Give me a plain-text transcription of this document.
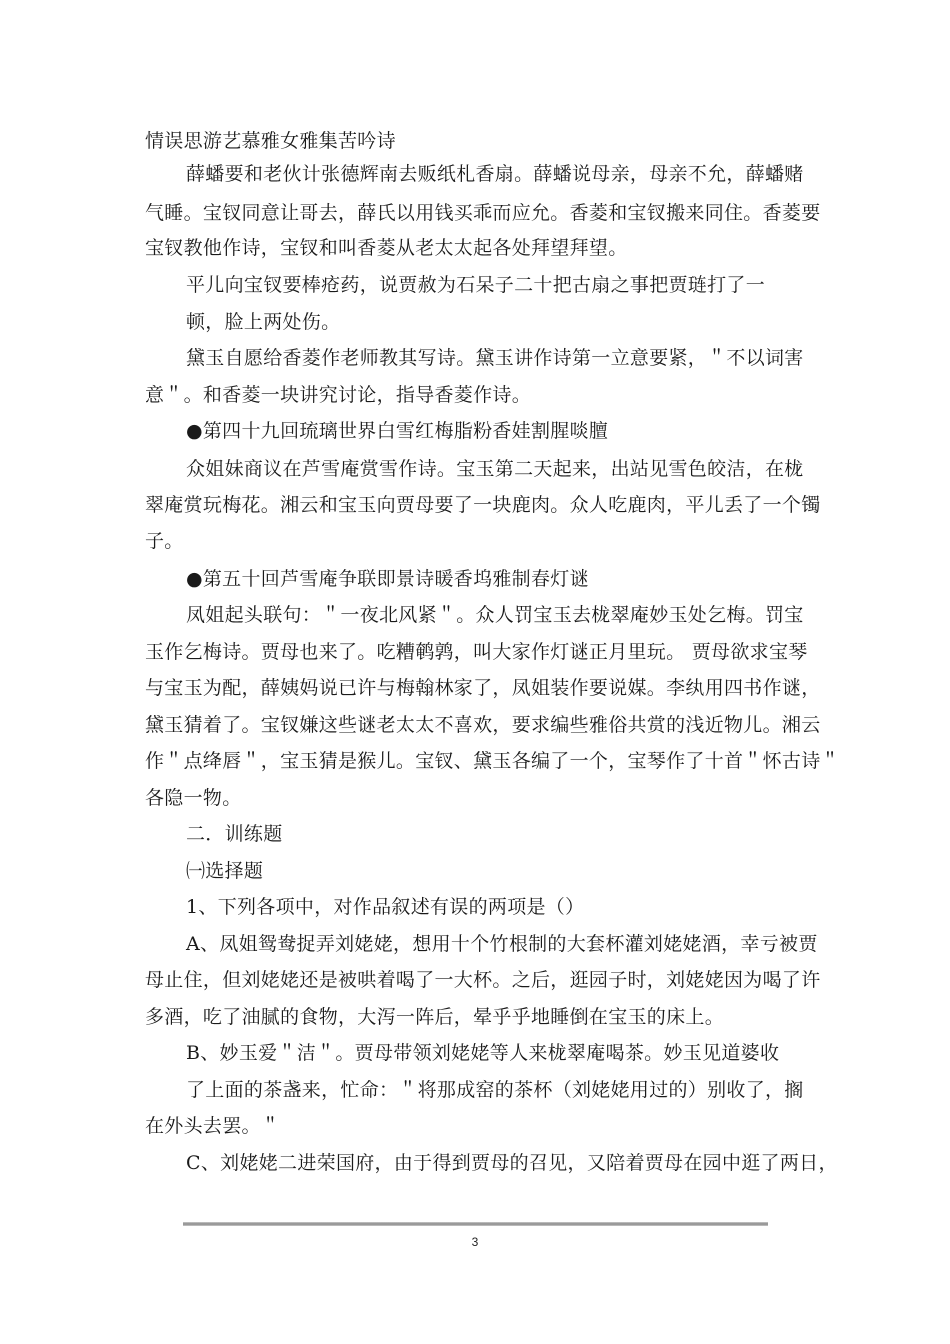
情误思游艺慕雅女雅集苦吟诗
薛蟠要和老伙计张德辉南去贩纸札香扇。薛蟠说母亲，母亲不允，薛蟠赌
气睡。宝钗同意让哥去，薛氏以用钱买乖而应允。香菱和宝钗搬来同住。香菱要
宝钗教他作诗，宝钗和叫香菱从老太太起各处拜望拜望。
平儿向宝钗要棒疮药，说贾赦为石呆子二十把古扇之事把贾琏打了一
顿，脸上两处伤。
黛玉自愿给香菱作老师教其写诗。黛玉讲作诗第一立意要紧，＂不以词害
意＂。和香菱一块讲究讨论，指导香菱作诗。
●第四十九回琉璃世界白雪红梅脂粉香娃割腥啖膻
众姐妹商议在芦雪庵赏雪作诗。宝玉第二天起来，出站见雪色皎洁，在栊
翠庵赏玩梅花。湘云和宝玉向贾母要了一块鹿肉。众人吃鹿肉，平儿丢了一个镯
子。
●第五十回芦雪庵争联即景诗暖香坞雅制春灯谜
凤姐起头联句：＂一夜北风紧＂。众人罚宝玉去栊翠庵妙玉处乞梅。罚宝
玉作乞梅诗。贾母也来了。吃糟鹌鹑，叫大家作灯谜正月里玩。 贾母欲求宝琴
与宝玉为配，薛姨妈说已许与梅翰林家了，凤姐装作要说媒。李纨用四书作谜，
黛玉猜着了。宝钗嫌这些谜老太太不喜欢，要求编些雅俗共赏的浅近物儿。湘云
作＂点绛唇＂，宝玉猜是猴儿。宝钗、黛玉各编了一个，宝琴作了十首＂怀古诗＂
各隐一物。
二．训练题
㈠选择题
1、下列各项中，对作品叙述有误的两项是（）
A、凤姐鸳鸯捉弄刘姥姥，想用十个竹根制的大套杯灌刘姥姥酒，幸亏被贾
母止住，但刘姥姥还是被哄着喝了一大杯。之后，逛园子时，刘姥姥因为喝了许
多酒，吃了油腻的食物，大泻一阵后，晕乎乎地睡倒在宝玉的床上。
B、妙玉爱＂洁＂。贾母带领刘姥姥等人来栊翠庵喝茶。妙玉见道婆收
了上面的茶盏来，忙命：＂将那成窑的茶杯（刘姥姥用过的）别收了，搁
在外头去罢。＂
C、刘姥姥二进荣国府，由于得到贾母的召见，又陪着贾母在园中逛了两日，
3
